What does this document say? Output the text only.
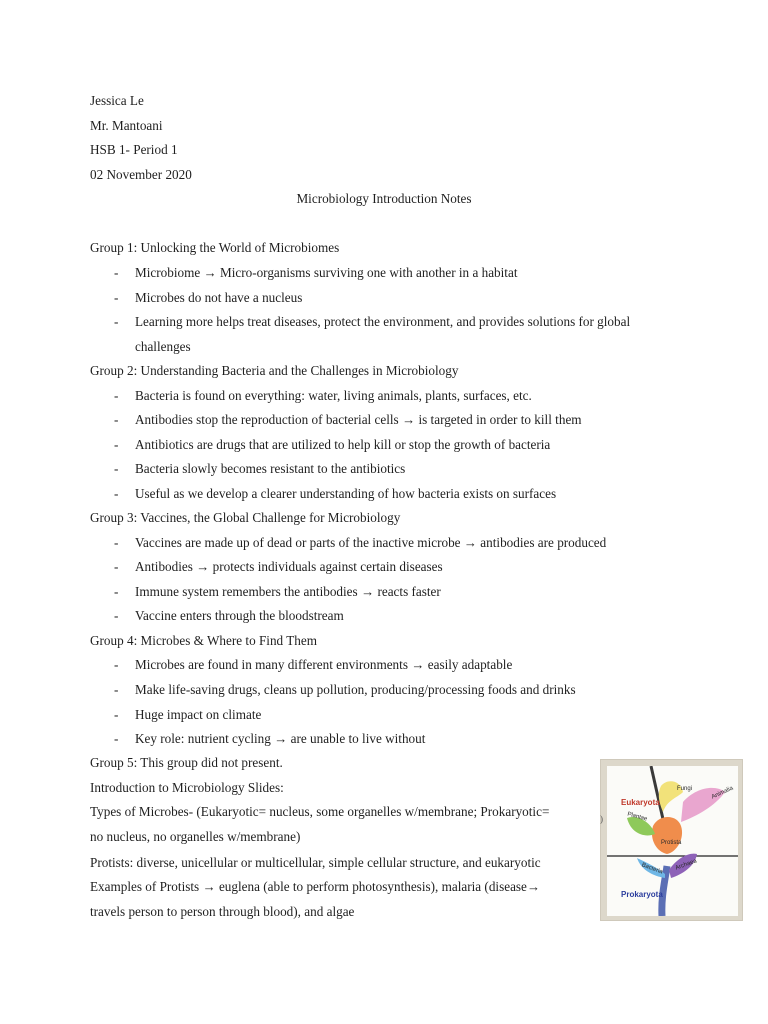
Jessica Le
Mr. Mantoani
HSB 1- Period 1
02 November 2020
Microbiology Introduction Notes
Group 1: Unlocking the World of Microbiomes
- Microbiome → Micro-organisms surviving one with another in a habitat
- Microbes do not have a nucleus
- Learning more helps treat diseases, protect the environment, and provides solutions for global
challenges
Group 2: Understanding Bacteria and the Challenges in Microbiology
- Bacteria is found on everything: water, living animals, plants, surfaces, etc.
- Antibodies stop the reproduction of bacterial cells → is targeted in order to kill them
- Antibiotics are drugs that are utilized to help kill or stop the growth of bacteria
- Bacteria slowly becomes resistant to the antibiotics
- Useful as we develop a clearer understanding of how bacteria exists on surfaces
Group 3: Vaccines, the Global Challenge for Microbiology
- Vaccines are made up of dead or parts of the inactive microbe → antibodies are produced
- Antibodies → protects individuals against certain diseases
- Immune system remembers the antibodies → reacts faster
- Vaccine enters through the bloodstream
Group 4: Microbes & Where to Find Them
- Microbes are found in many different environments → easily adaptable
- Make life-saving drugs, cleans up pollution, producing/processing foods and drinks
- Huge impact on climate
- Key role: nutrient cycling → are unable to live without
Group 5: This group did not present.
Introduction to Microbiology Slides:
Types of Microbes- (Eukaryotic= nucleus, some organelles w/membrane; Prokaryotic=
no nucleus, no organelles w/membrane)
Protists: diverse, unicellular or multicellular, simple cellular structure, and eukaryotic
Examples of Protists → euglena (able to perform photosynthesis), malaria (disease→
travels person to person through blood), and algae
Eukaryota
Prokaryota
Fungi	Animalia
Plantae
Protista
Bacteria Archaea
)
